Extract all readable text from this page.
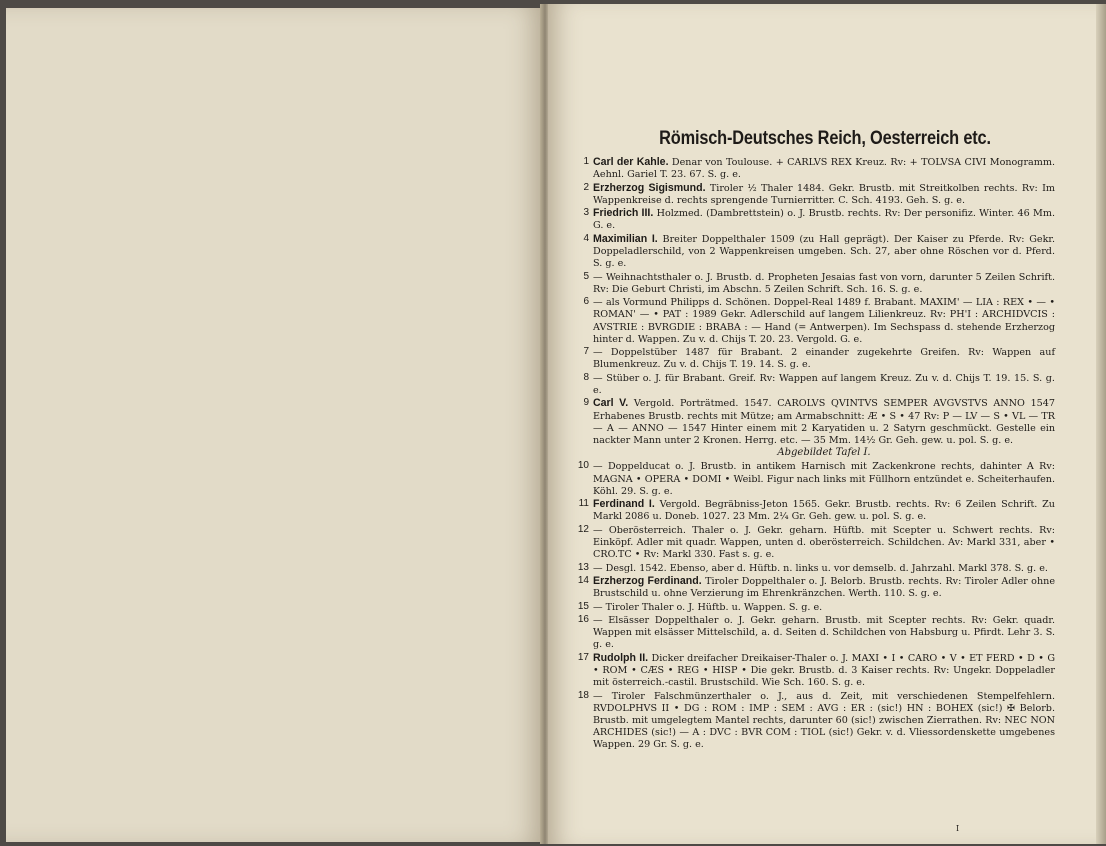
Römisch-Deutsches Reich, Oesterreich etc.
1 Carl der Kahle. Denar von Toulouse. + CARLVS REX Kreuz. Rv: + TOLVSA CIVI Monogramm. Aehnl. Gariel T. 23. 67. S. g. e.
2 Erzherzog Sigismund. Tiroler ½ Thaler 1484. Gekr. Brustb. mit Streitkolben rechts. Rv: Im Wappenkreise d. rechts sprengende Turnierritter. C. Sch. 4193. Geh. S. g. e.
3 Friedrich III. Holzmed. (Dambrettstein) o. J. Brustb. rechts. Rv: Der personifiz. Winter. 46 Mm. G. e.
4 Maximilian I. Breiter Doppelthaler 1509 (zu Hall geprägt). Der Kaiser zu Pferde. Rv: Gekr. Doppeladlerschild, von 2 Wappenkreisen umgeben. Sch. 27, aber ohne Röschen vor d. Pferd. S. g. e.
5 — Weihnachtsthaler o. J. Brustb. d. Propheten Jesaias fast von vorn, darunter 5 Zeilen Schrift. Rv: Die Geburt Christi, im Abschn. 5 Zeilen Schrift. Sch. 16. S. g. e.
6 — als Vormund Philipps d. Schönen. Doppel-Real 1489 f. Brabant. MAXIM' — LIA : REX • — • ROMAN' — • PAT : 1989 Gekr. Adlerschild auf langem Lilienkreuz. Rv: PH'I : ARCHIDVCIS : AVSTRIE : BVRGDIE : BRABA : — Hand (= Antwerpen). Im Sechspass d. stehende Erzherzog hinter d. Wappen. Zu v. d. Chijs T. 20. 23. Vergold. G. e.
7 — Doppelstüber 1487 für Brabant. 2 einander zugekehrte Greifen. Rv: Wappen auf Blumenkreuz. Zu v. d. Chijs T. 19. 14. S. g. e.
8 — Stüber o. J. für Brabant. Greif. Rv: Wappen auf langem Kreuz. Zu v. d. Chijs T. 19. 15. S. g. e.
9 Carl V. Vergold. Porträtmed. 1547. CAROLVS QVINTVS SEMPER AVGVSTVS ANNO 1547 Erhabenes Brustb. rechts mit Mütze; am Armabschnitt: Æ • S • 47 Rv: P — LV — S • VL — TR — A — ANNO — 1547 Hinter einem mit 2 Karyatiden u. 2 Satyrn geschmückt. Gestelle ein nackter Mann unter 2 Kronen. Herrg. etc. — 35 Mm. 14½ Gr. Geh. gew. u. pol. S. g. e.
Abgebildet Tafel I.
10 — Doppelducat o. J. Brustb. in antikem Harnisch mit Zackenkrone rechts, dahinter A Rv: MAGNA • OPERA • DOMI • Weibl. Figur nach links mit Füllhorn entzündet e. Scheiterhaufen. Köhl. 29. S. g. e.
11 Ferdinand I. Vergold. Begräbniss-Jeton 1565. Gekr. Brustb. rechts. Rv: 6 Zeilen Schrift. Zu Markl 2086 u. Doneb. 1027. 23 Mm. 2¼ Gr. Geh. gew. u. pol. S. g. e.
12 — Oberösterreich. Thaler o. J. Gekr. geharn. Hüftb. mit Scepter u. Schwert rechts. Rv: Einköpf. Adler mit quadr. Wappen, unten d. oberösterreich. Schildchen. Av: Markl 331, aber • CRO.TC • Rv: Markl 330. Fast s. g. e.
13 — Desgl. 1542. Ebenso, aber d. Hüftb. n. links u. vor demselb. d. Jahrzahl. Markl 378. S. g. e.
14 Erzherzog Ferdinand. Tiroler Doppelthaler o. J. Belorb. Brustb. rechts. Rv: Tiroler Adler ohne Brustschild u. ohne Verzierung im Ehrenkränzchen. Werth. 110. S. g. e.
15 — Tiroler Thaler o. J. Hüftb. u. Wappen. S. g. e.
16 — Elsässer Doppelthaler o. J. Gekr. geharn. Brustb. mit Scepter rechts. Rv: Gekr. quadr. Wappen mit elsässer Mittelschild, a. d. Seiten d. Schildchen von Habsburg u. Pfirdt. Lehr 3. S. g. e.
17 Rudolph II. Dicker dreifacher Dreikaiser-Thaler o. J. MAXI • I • CARO • V • ET FERD • D • G • ROM • CÆS • REG • HISP • Die gekr. Brustb. d. 3 Kaiser rechts. Rv: Ungekr. Doppeladler mit österreich.-castil. Brustschild. Wie Sch. 160. S. g. e.
18 — Tiroler Falschmünzerthaler o. J., aus d. Zeit, mit verschiedenen Stempelfehlern. RVDOLPHVS II • DG : ROM : IMP : SEM : AVG : ER : (sic!) HN : BOHEX (sic!) ✠ Belorb. Brustb. mit umgelegtem Mantel rechts, darunter 60 (sic!) zwischen Zierrathen. Rv: NEC NON ARCHIDES (sic!) — A : DVC : BVR COM : TIOL (sic!) Gekr. v. d. Vliessordenskette umgebenes Wappen. 29 Gr. S. g. e.
I
